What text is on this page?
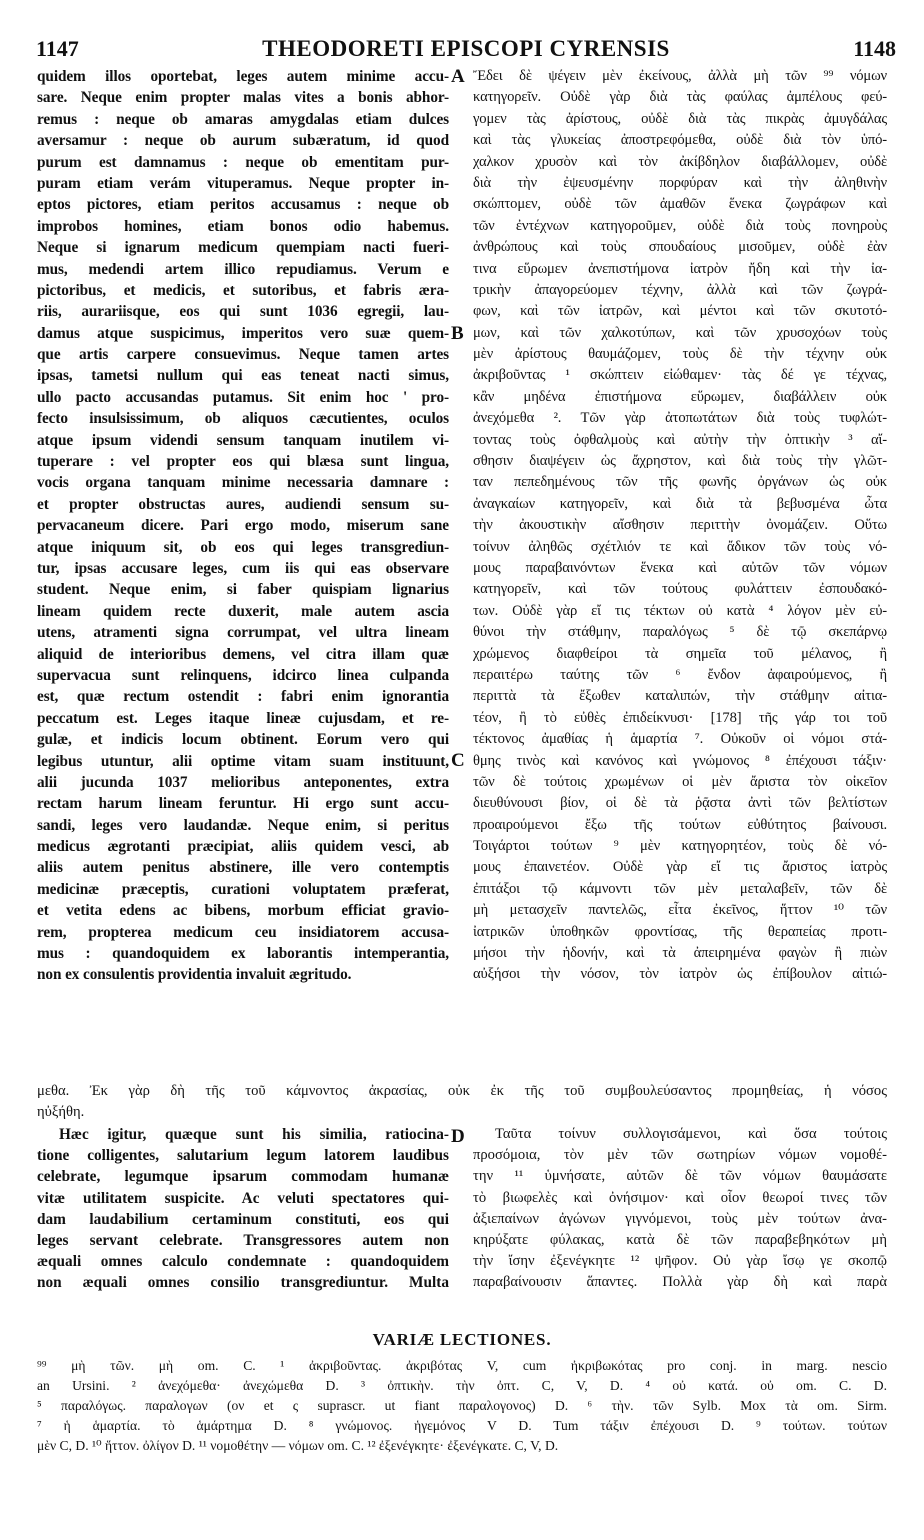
1147	THEODORETI EPISCOPI CYRENSIS	1148
A
B
C
D
quidem illos oportebat, leges autem minime accu-
sare. Neque enim propter malas vites a bonis abhor-
remus : neque ob amaras amygdalas etiam dulces
aversamur : neque ob aurum subæratum, id quod
purum est damnamus : neque ob ementitam pur-
puram etiam verám vituperamus. Neque propter in-
eptos pictores, etiam peritos accusamus : neque ob
improbos homines, etiam bonos odio habemus.
Neque si ignarum medicum quempiam nacti fueri-
mus, medendi artem illico repudiamus. Verum e
pictoribus, et medicis, et sutoribus, et fabris æra-
riis, aurariisque, eos qui sunt 1036 egregii, lau-
damus atque suspicimus, imperitos vero suæ quem-
que artis carpere consuevimus. Neque tamen artes
ipsas, tametsi nullum qui eas teneat nacti simus,
ullo pacto accusandas putamus. Sit enim hoc ' pro-
fecto insulsissimum, ob aliquos cæcutientes, oculos
atque ipsum videndi sensum tanquam inutilem vi-
tuperare : vel propter eos qui blæsa sunt lingua,
vocis organa tanquam minime necessaria damnare :
et propter obstructas aures, audiendi sensum su-
pervacaneum dicere. Pari ergo modo, miserum sane
atque iniquum sit, ob eos qui leges transgrediun-
tur, ipsas accusare leges, cum iis qui eas observare
student. Neque enim, si faber quispiam lignarius
lineam quidem recte duxerit, male autem ascia
utens, atramenti signa corrumpat, vel ultra lineam
aliquid de interioribus demens, vel citra illam quæ
supervacua sunt relinquens, idcirco linea culpanda
est, quæ rectum ostendit : fabri enim ignorantia
peccatum est. Leges itaque lineæ cujusdam, et re-
gulæ, et indicis locum obtinent. Eorum vero qui
legibus utuntur, alii optime vitam suam instituunt,
alii jucunda 1037 melioribus anteponentes, extra
rectam harum lineam feruntur. Hi ergo sunt accu-
sandi, leges vero laudandæ. Neque enim, si peritus
medicus ægrotanti præcipiat, aliis quidem vesci, ab
aliis autem penitus abstinere, ille vero contemptis
medicinæ præceptis, curationi voluptatem præferat,
et vetita edens ac bibens, morbum efficiat gravio-
rem, propterea medicum ceu insidiatorem accusa-
mus : quandoquidem ex laborantis intemperantia,
non ex consulentis providentia invaluit ægritudo.
Ἔδει δὲ ψέγειν μὲν ἐκείνους, ἀλλὰ μὴ τῶν ⁹⁹ νόμων
κατηγορεῖν. Οὐδὲ γὰρ διὰ τὰς φαύλας ἀμπέλους φεύ-
γομεν τὰς ἀρίστους, οὐδὲ διὰ τὰς πικρὰς ἀμυγδάλας
καὶ τὰς γλυκείας ἀποστρεφόμεθα, οὐδὲ διὰ τὸν ὑπό-
χαλκον χρυσὸν καὶ τὸν ἀκίβδηλον διαβάλλομεν, οὐδὲ
διὰ τὴν ἐψευσμένην πορφύραν καὶ τὴν ἀληθινὴν
σκώπτομεν, οὐδὲ τῶν ἀμαθῶν ἕνεκα ζωγράφων καὶ
τῶν ἐντέχνων κατηγοροῦμεν, οὐδὲ διὰ τοὺς πονηροὺς
ἀνθρώπους καὶ τοὺς σπουδαίους μισοῦμεν, οὐδὲ ἐὰν
τινα εὕρωμεν ἀνεπιστήμονα ἰατρὸν ἤδη καὶ τὴν ἰα-
τρικὴν ἀπαγορεύομεν τέχνην, ἀλλὰ καὶ τῶν ζωγρά-
φων, καὶ τῶν ἰατρῶν, καὶ μέντοι καὶ τῶν σκυτοτό-
μων, καὶ τῶν χαλκοτύπων, καὶ τῶν χρυσοχόων τοὺς
μὲν ἀρίστους θαυμάζομεν, τοὺς δὲ τὴν τέχνην οὐκ
ἀκριβοῦντας ¹ σκώπτειν εἰώθαμεν· τὰς δέ γε τέχνας,
κἂν μηδένα ἐπιστήμονα εὕρωμεν, διαβάλλειν οὐκ
ἀνεχόμεθα ². Τῶν γὰρ ἀτοπωτάτων διὰ τοὺς τυφλώτ-
τοντας τοὺς ὀφθαλμοὺς καὶ αὐτὴν τὴν ὀπτικὴν ³ αἴ-
σθησιν διαψέγειν ὡς ἄχρηστον, καὶ διὰ τοὺς τὴν γλῶτ-
ταν πεπεδημένους τῶν τῆς φωνῆς ὀργάνων ὡς οὐκ
ἀναγκαίων κατηγορεῖν, καὶ διὰ τὰ βεβυσμένα ὦτα
τὴν ἀκουστικὴν αἴσθησιν περιττὴν ὀνομάζειν. Οὕτω
τοίνυν ἀληθῶς σχέτλιόν τε καὶ ἄδικον τῶν τοὺς νό-
μους παραβαινόντων ἕνεκα καὶ αὐτῶν τῶν νόμων
κατηγορεῖν, καὶ τῶν τούτους φυλάττειν ἐσπουδακό-
των. Οὐδὲ γὰρ εἴ τις τέκτων οὐ κατὰ ⁴ λόγον μὲν εὐ-
θύνοι τὴν στάθμην, παραλόγως ⁵ δὲ τῷ σκεπάρνῳ
χρώμενος διαφθείροι τὰ σημεῖα τοῦ μέλανος, ἢ
περαιτέρω ταύτης τῶν ⁶ ἔνδον ἀφαιρούμενος, ἢ
περιττὰ τὰ ἔξωθεν καταλιπών, τὴν στάθμην αἰτια-
τέον, ἢ τὸ εὐθὲς ἐπιδείκνυσι· [178] τῆς γάρ τοι τοῦ
τέκτονος ἀμαθίας ἡ ἁμαρτία ⁷. Οὐκοῦν οἱ νόμοι στά-
θμης τινὸς καὶ κανόνος καὶ γνώμονος ⁸ ἐπέχουσι τάξιν·
τῶν δὲ τούτοις χρωμένων οἱ μὲν ἄριστα τὸν οἰκεῖον
διευθύνουσι βίον, οἱ δὲ τὰ ῥᾷστα ἀντὶ τῶν βελτίστων
προαιρούμενοι ἔξω τῆς τούτων εὐθύτητος βαίνουσι.
Τοιγάρτοι τούτων ⁹ μὲν κατηγορητέον, τοὺς δὲ νό-
μους ἐπαινετέον. Οὐδὲ γὰρ εἴ τις ἄριστος ἰατρὸς
ἐπιτάξοι τῷ κάμνοντι τῶν μὲν μεταλαβεῖν, τῶν δὲ
μὴ μετασχεῖν παντελῶς, εἶτα ἐκεῖνος, ἥττον ¹⁰ τῶν
ἰατρικῶν ὑποθηκῶν φροντίσας, τῆς θεραπείας προτι-
μήσοι τὴν ἡδονήν, καὶ τὰ ἀπειρημένα φαγὼν ἢ πιὼν
αὐξήσοι τὴν νόσον, τὸν ἰατρὸν ὡς ἐπίβουλον αἰτιώ-
μεθα. Ἐκ γὰρ δὴ τῆς τοῦ κάμνοντος ἀκρασίας, οὐκ ἐκ τῆς τοῦ συμβουλεύσαντος προμηθείας, ἡ νόσος
ηὐξήθη.
Hæc igitur, quæque sunt his similia, ratiocina-
tione colligentes, salutarium legum latorem laudibus
celebrate, legumque ipsarum commodam humanæ
vitæ utilitatem suspicite. Ac veluti spectatores qui-
dam laudabilium certaminum constituti, eos qui
leges servant celebrate. Transgressores autem non
æquali omnes calculo condemnate : quandoquidem
non æquali omnes consilio transgrediuntur. Multa
Ταῦτα τοίνυν συλλογισάμενοι, καὶ ὅσα τούτοις
προσόμοια, τὸν μὲν τῶν σωτηρίων νόμων νομοθέ-
την ¹¹ ὑμνήσατε, αὐτῶν δὲ τῶν νόμων θαυμάσατε
τὸ βιωφελὲς καὶ ὀνήσιμον· καὶ οἷον θεωροί τινες τῶν
ἀξιεπαίνων ἀγώνων γιγνόμενοι, τοὺς μὲν τούτων ἀνα-
κηρύξατε φύλακας, κατὰ δὲ τῶν παραβεβηκότων μὴ
τὴν ἴσην ἐξενέγκητε ¹² ψῆφον. Οὐ γὰρ ἴσῳ γε σκοπῷ
παραβαίνουσιν ἅπαντες. Πολλὰ γὰρ δὴ καὶ παρὰ
VARIÆ LECTIONES.
⁹⁹ μὴ τῶν. μὴ om. C. ¹ ἀκριβοῦντας. ἀκριβότας V, cum ἠκριβωκότας pro conj. in marg. nescio
an Ursini. ² ἀνεχόμεθα· ἀνεχώμεθα D. ³ ὀπτικὴν. τὴν ὀπτ. C, V, D. ⁴ οὐ κατά. οὐ om. C. D.
⁵ παραλόγως. παραλογων (ον et ς suprascr. ut fiant παραλογονος) D. ⁶ τὴν. τῶν Sylb. Mox τὰ om. Sirm.
⁷ ἡ ἁμαρτία. τὸ ἁμάρτημα D. ⁸ γνώμονος. ἡγεμόνος V D. Tum τάξιν ἐπέχουσι D. ⁹ τούτων. τούτων
μὲν C, D. ¹⁰ ἥττον. ὀλίγον D. ¹¹ νομοθέτην — νόμων om. C. ¹² ἐξενέγκητε· ἐξενέγκατε. C, V, D.
